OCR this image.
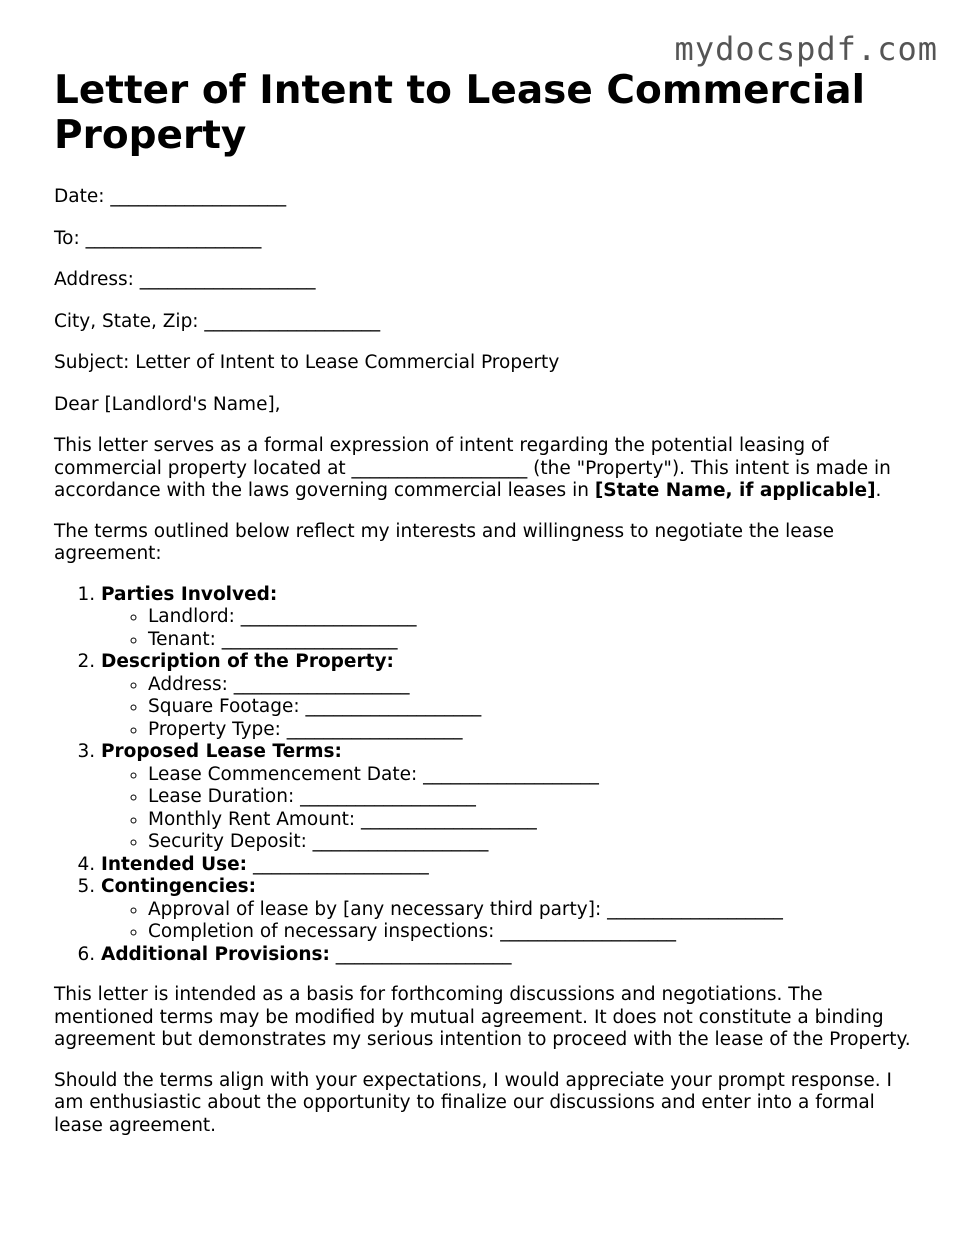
mydocspdf.com
Letter of Intent to Lease Commercial Property

Date: ___________________

To: ___________________

Address: ___________________

City, State, Zip: ___________________

Subject: Letter of Intent to Lease Commercial Property

Dear [Landlord's Name],

This letter serves as a formal expression of intent regarding the potential leasing of commercial property located at ___________________ (the "Property"). This intent is made in accordance with the laws governing commercial leases in [State Name, if applicable].

The terms outlined below reflect my interests and willingness to negotiate the lease agreement:

1. Parties Involved:
◦ Landlord: ___________________
◦ Tenant: ___________________
2. Description of the Property:
◦ Address: ___________________
◦ Square Footage: ___________________
◦ Property Type: ___________________
3. Proposed Lease Terms:
◦ Lease Commencement Date: ___________________
◦ Lease Duration: ___________________
◦ Monthly Rent Amount: ___________________
◦ Security Deposit: ___________________
4. Intended Use: ___________________
5. Contingencies:
◦ Approval of lease by [any necessary third party]: ___________________
◦ Completion of necessary inspections: ___________________
6. Additional Provisions: ___________________

This letter is intended as a basis for forthcoming discussions and negotiations. The mentioned terms may be modified by mutual agreement. It does not constitute a binding agreement but demonstrates my serious intention to proceed with the lease of the Property.

Should the terms align with your expectations, I would appreciate your prompt response. I am enthusiastic about the opportunity to finalize our discussions and enter into a formal lease agreement.
